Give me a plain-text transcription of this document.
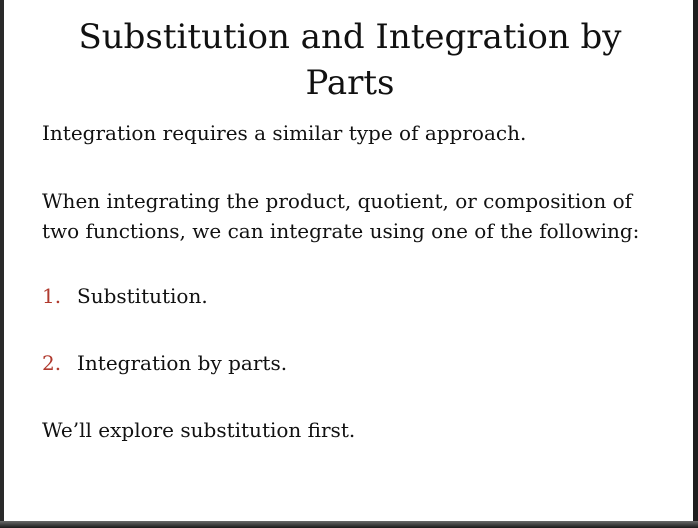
Substitution and Integration by Parts

Integration requires a similar type of approach.

When integrating the product, quotient, or composition of two functions, we can integrate using one of the following:

1. Substitution.
2. Integration by parts.

We’ll explore substitution first.
